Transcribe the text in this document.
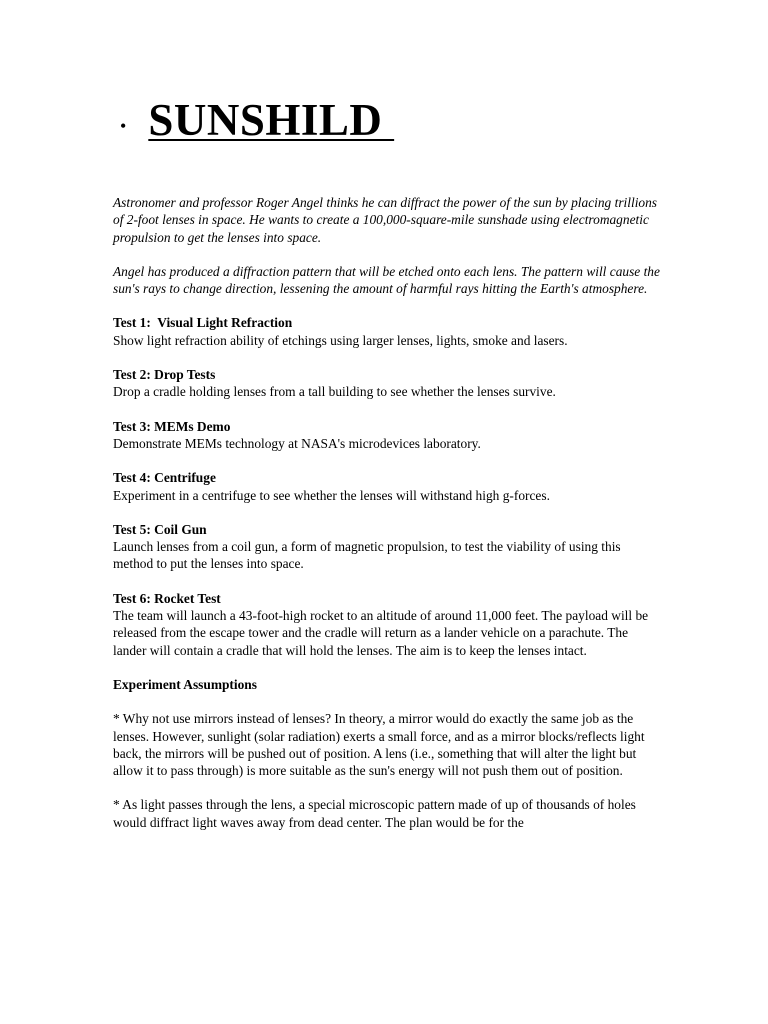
• SUNSHILD

Astronomer and professor Roger Angel thinks he can diffract the power of the sun by placing trillions of 2-foot lenses in space. He wants to create a 100,000-square-mile sunshade using electromagnetic propulsion to get the lenses into space.

Angel has produced a diffraction pattern that will be etched onto each lens. The pattern will cause the sun's rays to change direction, lessening the amount of harmful rays hitting the Earth's atmosphere.

Test 1:  Visual Light Refraction
Show light refraction ability of etchings using larger lenses, lights, smoke and lasers.
Test 2: Drop Tests
Drop a cradle holding lenses from a tall building to see whether the lenses survive.
Test 3: MEMs Demo
Demonstrate MEMs technology at NASA's microdevices laboratory.
Test 4: Centrifuge
Experiment in a centrifuge to see whether the lenses will withstand high g-forces.
Test 5: Coil Gun
Launch lenses from a coil gun, a form of magnetic propulsion, to test the viability of using this method to put the lenses into space.
Test 6: Rocket Test
The team will launch a 43-foot-high rocket to an altitude of around 11,000 feet. The payload will be released from the escape tower and the cradle will return as a lander vehicle on a parachute. The lander will contain a cradle that will hold the lenses. The aim is to keep the lenses intact.
Experiment Assumptions
* Why not use mirrors instead of lenses? In theory, a mirror would do exactly the same job as the lenses. However, sunlight (solar radiation) exerts a small force, and as a mirror blocks/reflects light back, the mirrors will be pushed out of position. A lens (i.e., something that will alter the light but allow it to pass through) is more suitable as the sun's energy will not push them out of position.
* As light passes through the lens, a special microscopic pattern made of up of thousands of holes would diffract light waves away from dead center. The plan would be for the
